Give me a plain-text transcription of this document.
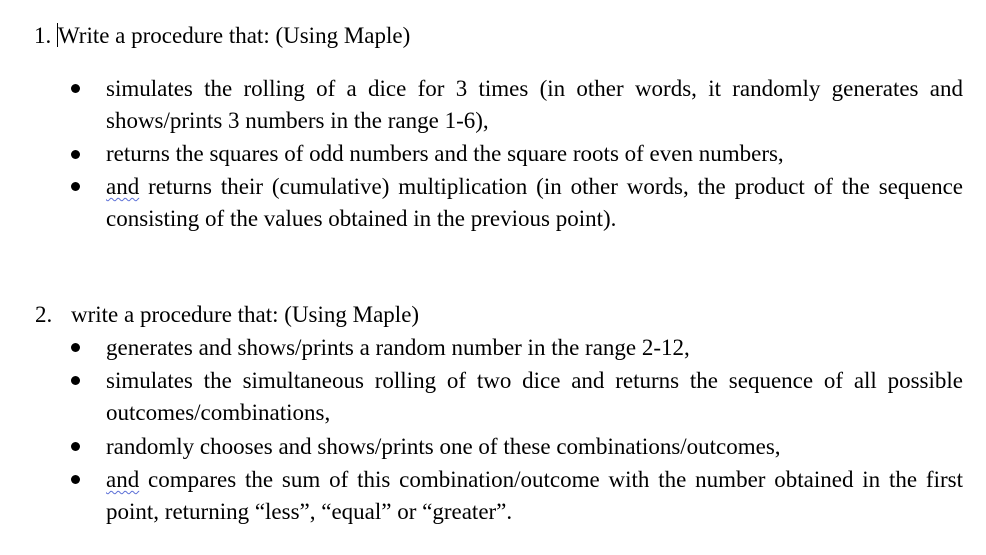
1. Write a procedure that: (Using Maple)
simulates the rolling of a dice for 3 times (in other words, it randomly generates and shows/prints 3 numbers in the range 1-6),
returns the squares of odd numbers and the square roots of even numbers,
and returns their (cumulative) multiplication (in other words, the product of the sequence consisting of the values obtained in the previous point).
2. write a procedure that: (Using Maple)
generates and shows/prints a random number in the range 2-12,
simulates the simultaneous rolling of two dice and returns the sequence of all possible outcomes/combinations,
randomly chooses and shows/prints one of these combinations/outcomes,
and compares the sum of this combination/outcome with the number obtained in the first point, returning “less”, “equal” or “greater”.
